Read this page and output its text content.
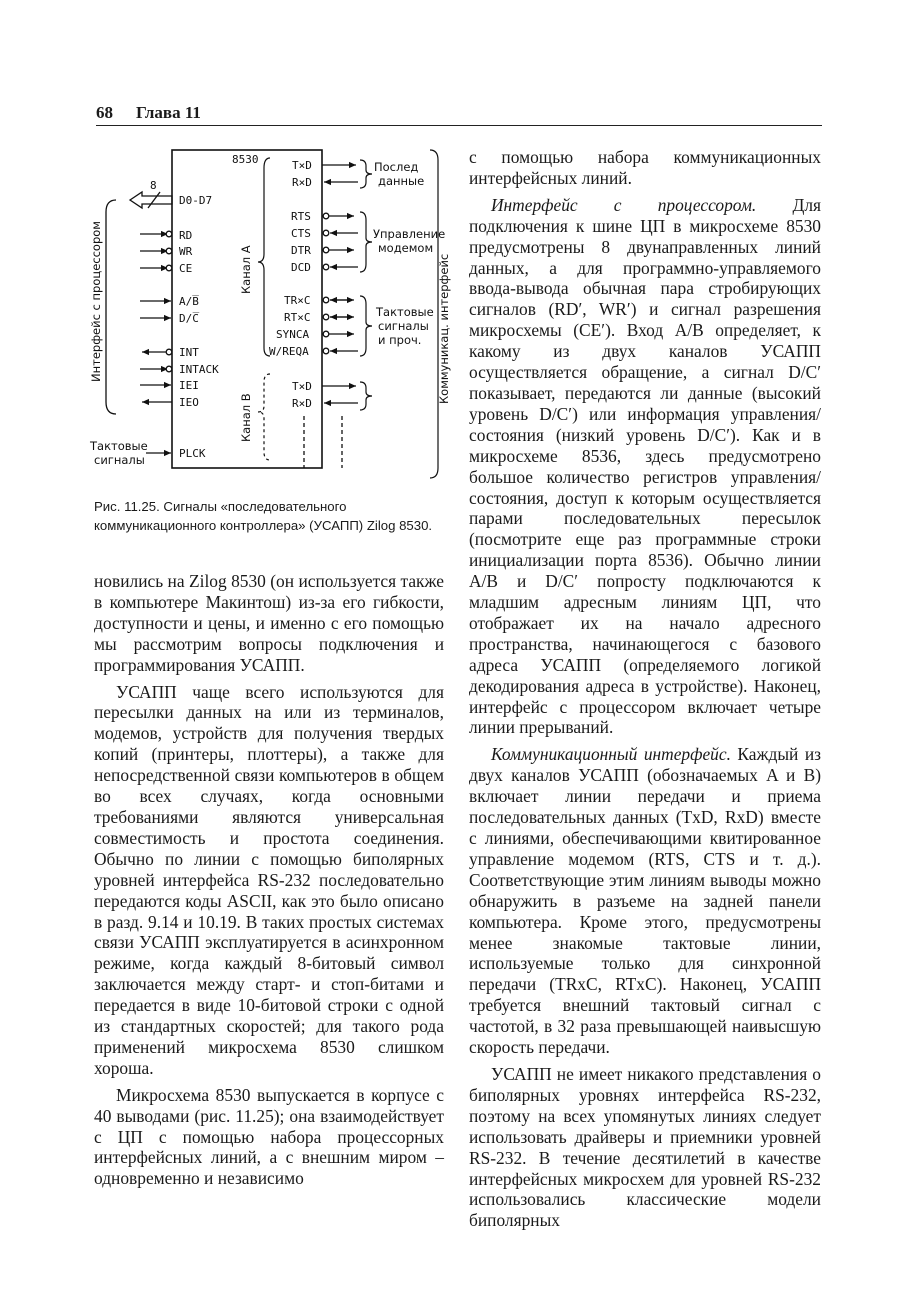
68 Глава 11
8530
D0-D7
RD
WR
CE
A/B̅
D/C̅
INT
INTACK
IEI
IEO
PLCK
8
Интерфейс с процессором
Тактовые
сигналы
Канал А
Канал В
T×D
R×D
RTS
CTS
DTR
DCD
TR×C
RT×C
SYNCA
W/REQA
T×D
R×D
Послед
данные
Управление
модемом
Тактовые
сигналы
и проч. Коммуникац. интерфейс
Рис. 11.25. Сигналы «последовательного коммуникационного контроллера» (УСАПП) Zilog 8530.

новились на Zilog 8530 (он используется также в компьютере Макинтош) из-за его гибкости, доступности и цены, и именно с его помощью мы рассмотрим вопросы подключения и программирования УСАПП.

УСАПП чаще всего используются для пересылки данных на или из терминалов, модемов, устройств для получения твердых копий (принтеры, плоттеры), а также для непосредственной связи компьютеров в общем во всех случаях, когда основными требованиями являются универсальная совместимость и простота соединения. Обычно по линии с помощью биполярных уровней интерфейса RS-232 последовательно передаются коды ASCII, как это было описано в разд. 9.14 и 10.19. В таких простых системах связи УСАПП эксплуатируется в асинхронном режиме, когда каждый 8-битовый символ заключается между старт- и стоп-битами и передается в виде 10-битовой строки с одной из стандартных скоростей; для такого рода применений микросхема 8530 слишком хороша.

Микросхема 8530 выпускается в корпусе с 40 выводами (рис. 11.25); она взаимодействует с ЦП с помощью набора процессорных интерфейсных линий, а с внешним миром – одновременно и независимо

с помощью набора коммуникационных интерфейсных линий.

Интерфейс с процессором. Для подключения к шине ЦП в микросхеме 8530 предусмотрены 8 двунаправленных линий данных, а для программно-управляемого ввода-вывода обычная пара стробирующих сигналов (RD′, WR′) и сигнал разрешения микросхемы (CE′). Вход A/B определяет, к какому из двух каналов УСАПП осуществляется обращение, а сигнал D/C′ показывает, передаются ли данные (высокий уровень D/C′) или информация управления/состояния (низкий уровень D/C′). Как и в микросхеме 8536, здесь предусмотрено большое количество регистров управления/состояния, доступ к которым осуществляется парами последовательных пересылок (посмотрите еще раз программные строки инициализации порта 8536). Обычно линии A/B и D/C′ попросту подключаются к младшим адресным линиям ЦП, что отображает их на начало адресного пространства, начинающегося с базового адреса УСАПП (определяемого логикой декодирования адреса в устройстве). Наконец, интерфейс с процессором включает четыре линии прерываний.

Коммуникационный интерфейс. Каждый из двух каналов УСАПП (обозначаемых A и B) включает линии передачи и приема последовательных данных (TxD, RxD) вместе с линиями, обеспечивающими квитированное управление модемом (RTS, CTS и т. д.). Соответствующие этим линиям выводы можно обнаружить в разъеме на задней панели компьютера. Кроме этого, предусмотрены менее знакомые тактовые линии, используемые только для синхронной передачи (TRxC, RTxC). Наконец, УСАПП требуется внешний тактовый сигнал с частотой, в 32 раза превышающей наивысшую скорость передачи.

УСАПП не имеет никакого представления о биполярных уровнях интерфейса RS-232, поэтому на всех упомянутых линиях следует использовать драйверы и приемники уровней RS-232. В течение десятилетий в качестве интерфейсных микросхем для уровней RS-232 использовались классические модели биполярных
